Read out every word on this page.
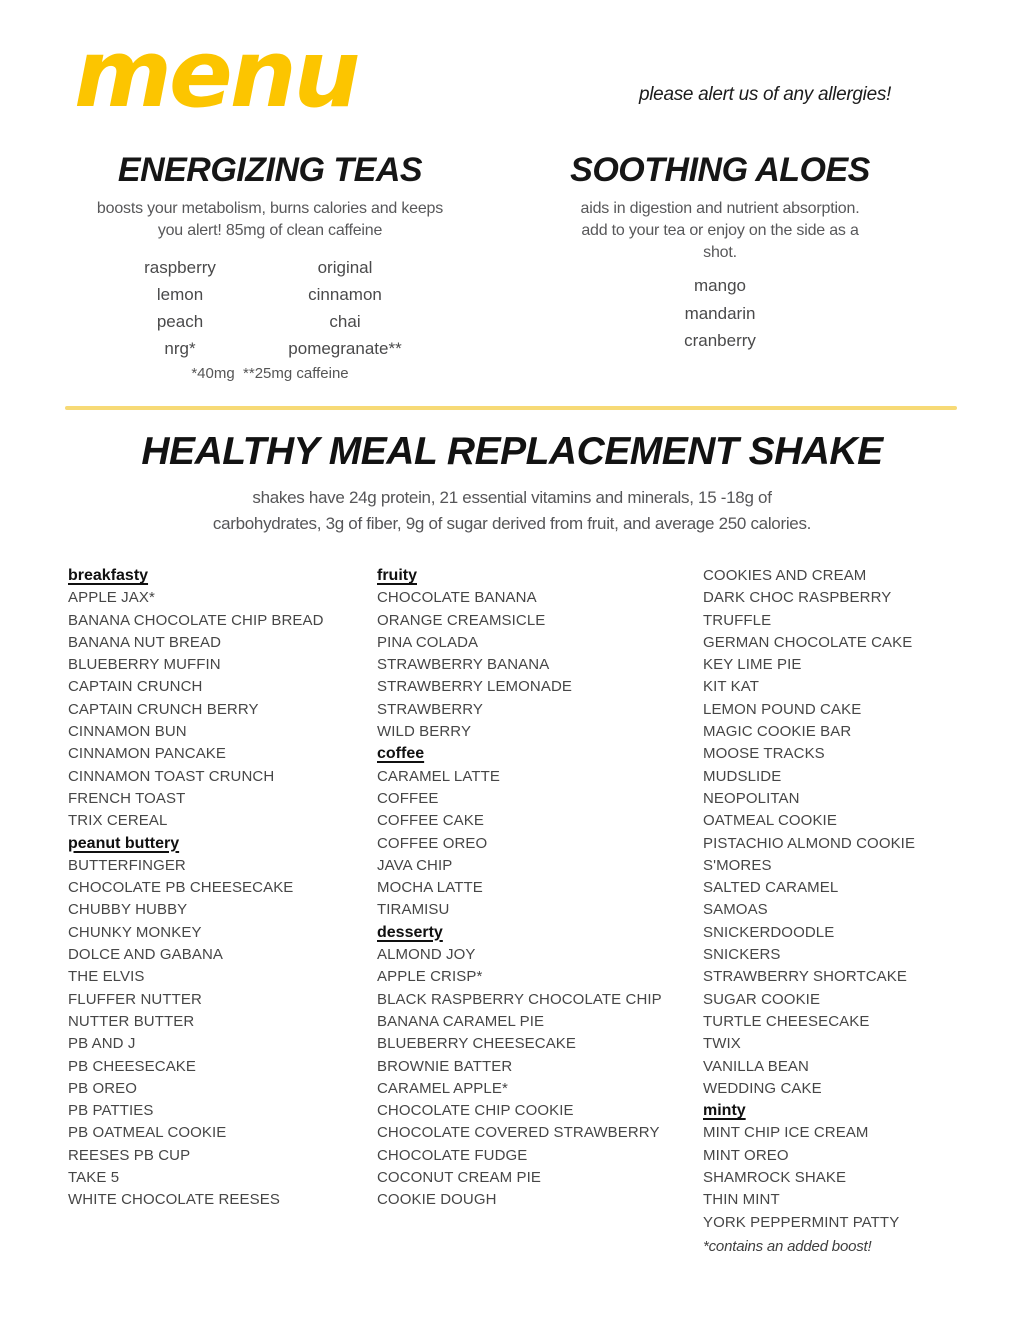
menu	please alert us of any allergies!
ENERGIZING TEAS
boosts your metabolism, burns calories and keeps you alert! 85mg of clean caffeine
raspberry	original
lemon	cinnamon
peach	chai
nrg*	pomegranate**
*40mg  **25mg caffeine
SOOTHING ALOES
aids in digestion and nutrient absorption. add to your tea or enjoy on the side as a shot.
mango
mandarin
cranberry
HEALTHY MEAL REPLACEMENT SHAKE
shakes have 24g protein, 21 essential vitamins and minerals, 15 -18g of
carbohydrates, 3g of fiber, 9g of sugar derived from fruit, and average 250 calories.
breakfasty
APPLE JAX*
BANANA CHOCOLATE CHIP BREAD
BANANA NUT BREAD
BLUEBERRY MUFFIN
CAPTAIN CRUNCH
CAPTAIN CRUNCH BERRY
CINNAMON BUN
CINNAMON PANCAKE
CINNAMON TOAST CRUNCH
FRENCH TOAST
TRIX CEREAL
peanut buttery
BUTTERFINGER
CHOCOLATE PB CHEESECAKE
CHUBBY HUBBY
CHUNKY MONKEY
DOLCE AND GABANA
THE ELVIS
FLUFFER NUTTER
NUTTER BUTTER
PB AND J
PB CHEESECAKE
PB OREO
PB PATTIES
PB OATMEAL COOKIE
REESES PB CUP
TAKE 5
WHITE CHOCOLATE REESES
fruity
CHOCOLATE BANANA
ORANGE CREAMSICLE
PINA COLADA
STRAWBERRY BANANA
STRAWBERRY LEMONADE
STRAWBERRY
WILD BERRY
coffee
CARAMEL LATTE
COFFEE
COFFEE CAKE
COFFEE OREO
JAVA CHIP
MOCHA LATTE
TIRAMISU
desserty
ALMOND JOY
APPLE CRISP*
BLACK RASPBERRY CHOCOLATE CHIP
BANANA CARAMEL PIE
BLUEBERRY CHEESECAKE
BROWNIE BATTER
CARAMEL APPLE*
CHOCOLATE CHIP COOKIE
CHOCOLATE COVERED STRAWBERRY
CHOCOLATE FUDGE
COCONUT CREAM PIE
COOKIE DOUGH
COOKIES AND CREAM
DARK CHOC RASPBERRY
TRUFFLE
GERMAN CHOCOLATE CAKE
KEY LIME PIE
KIT KAT
LEMON POUND CAKE
MAGIC COOKIE BAR
MOOSE TRACKS
MUDSLIDE
NEOPOLITAN
OATMEAL COOKIE
PISTACHIO ALMOND COOKIE
S'MORES
SALTED CARAMEL
SAMOAS
SNICKERDOODLE
SNICKERS
STRAWBERRY SHORTCAKE
SUGAR COOKIE
TURTLE CHEESECAKE
TWIX
VANILLA BEAN
WEDDING CAKE
minty
MINT CHIP ICE CREAM
MINT OREO
SHAMROCK SHAKE
THIN MINT
YORK PEPPERMINT PATTY
*contains an added boost!
